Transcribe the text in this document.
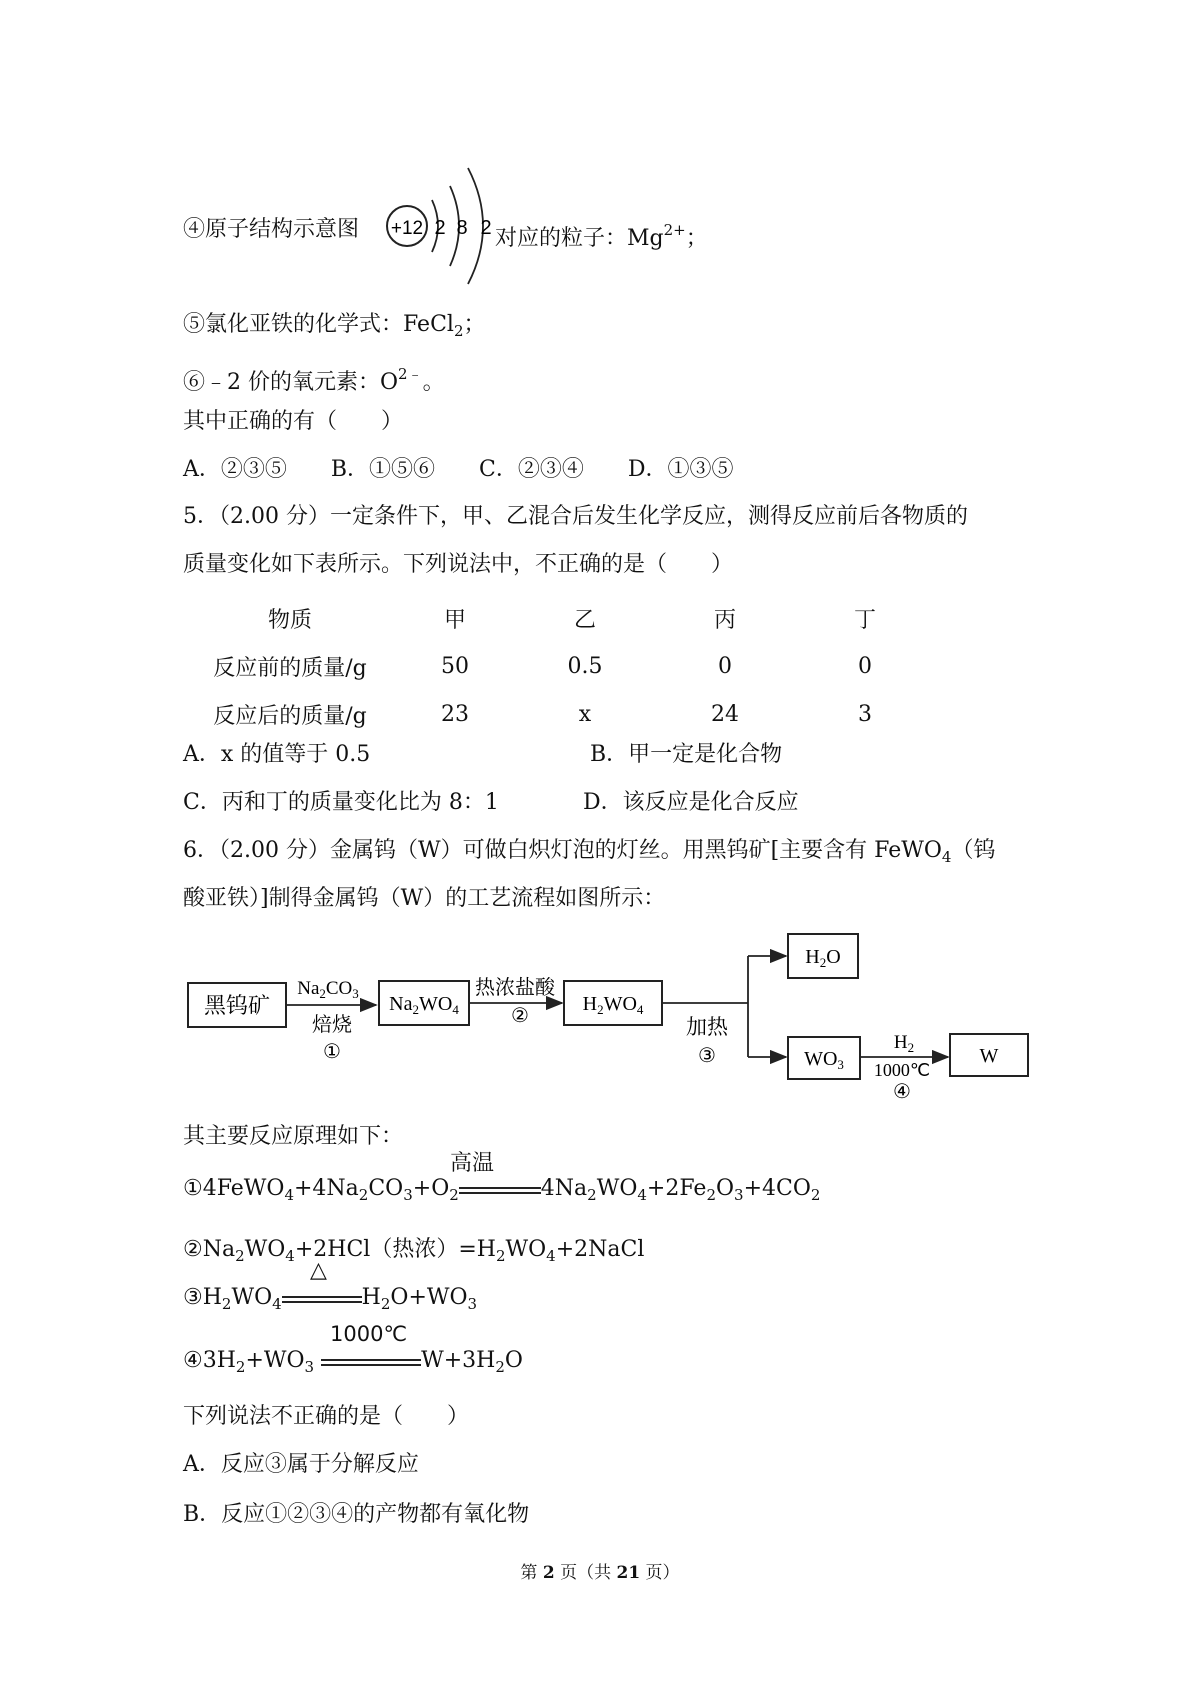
④原子结构示意图 +12 2 8 2 对应的粒子：$Mg^{2+}$；
⑤氯化亚铁的化学式：FeCl$_2$；
⑥﹣2 价的氧元素：$O^{2﹣}$。
其中正确的有（　　）
A．②③⑤　　B．①⑤⑥　　C．②③④　　D．①③⑤
5．（2.00 分）一定条件下，甲、乙混合后发生化学反应，测得反应前后各物质的
质量变化如下表所示。下列说法中，不正确的是（　　）
物质	甲	乙	丙	丁
反应前的质量/g	50	0.5	0	0
反应后的质量/g	23	x	24	3
A．x 的值等于 0.5	B．甲一定是化合物
C．丙和丁的质量变化比为 8：1	D．该反应是化合反应
6．（2.00 分）金属钨（W）可做白炽灯泡的灯丝。用黑钨矿[主要含有 FeWO$_4$（钨
酸亚铁）]制得金属钨（W）的工艺流程如图所示：
黑钨矿
$Na_2CO_3$
焙烧
①
$Na_2WO_4$
热浓盐酸
②
$H_2WO_4$
加热
③
$H_2O$
$WO_3$
$H_2$
1000℃
④
W
其主要反应原理如下：
$①4FeWO_4+4Na_2CO_3+O_2$	$4Na_2WO_4+2Fe_2O_3+4CO_2$
高温
$②Na_2WO_4+2HCl$（热浓）$=H_2WO_4+2NaCl$
$③H_2WO_4$	$H_2O+WO_3$
△
$④3H_2+WO_3$	$W+3H_2O$
1000℃
下列说法不正确的是（　　）
A．反应③属于分解反应
B．反应①②③④的产物都有氧化物
第 2 页（共 21 页）
